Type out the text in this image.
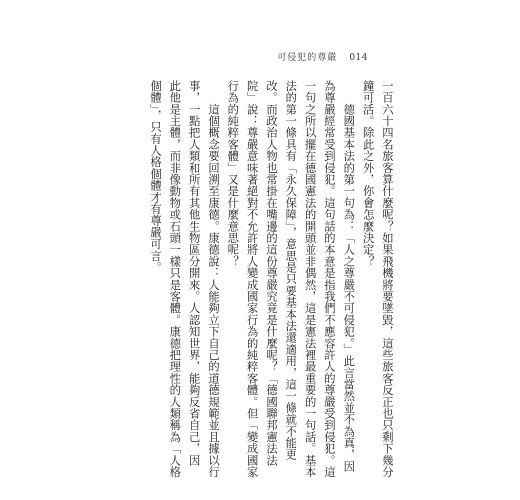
可侵犯的尊嚴 014
一百六十四名旅客算什麼呢？如果飛機將要墜毀，這些旅客反正也只剩下幾分
鐘可活。除此之外，你會怎麼決定？
　　德國基本法的第一句為：「人之尊嚴不可侵犯。」此言當然並不為真，因
為尊嚴經常受到侵犯。這句話的本意是指我們不應容許人的尊嚴受到侵犯。這
一句之所以擺在德國憲法的開頭並非偶然，這是憲法裡最重要的一句話。基本
法的第一條具有「永久保障」，意思是只要基本法還適用，這一條就不能更
改。而政治人物也常掛在嘴邊的這份尊嚴究竟是什麼呢？「德國聯邦憲法法
院」說：尊嚴意味著絕對不允許將人變成國家行為的純粹客體。但「變成國家
行為的純粹客體」又是什麼意思呢？
　　這個概念要回溯至康德。康德說：人能夠立下自己的道德規範並且據以行
事，一點把人類和所有其他生物區分開來。人認知世界，能夠反省自己，因
此他是主體，而非像動物或石頭一樣只是客體。康德把理性的人類稱為「人格
個體」，只有人格個體才有尊嚴可言。
